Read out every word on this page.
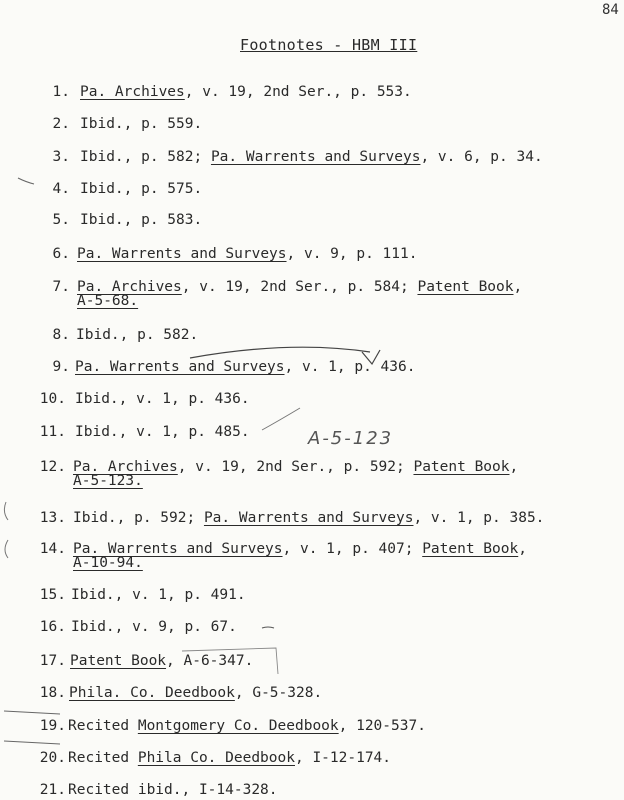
84
Footnotes - HBM III
1. Pa. Archives, v. 19, 2nd Ser., p. 553.
2. Ibid., p. 559.
3. Ibid., p. 582; Pa. Warrents and Surveys, v. 6, p. 34.
4. Ibid., p. 575.
5. Ibid., p. 583.
6. Pa. Warrents and Surveys, v. 9, p. 111.
7. Pa. Archives, v. 19, 2nd Ser., p. 584; Patent Book,
A-5-68.
8. Ibid., p. 582.
9. Pa. Warrents and Surveys, v. 1, p. 436.
10. Ibid., v. 1, p. 436.
11. Ibid., v. 1, p. 485.
12. Pa. Archives, v. 19, 2nd Ser., p. 592; Patent Book,
A-5-123.
13. Ibid., p. 592; Pa. Warrents and Surveys, v. 1, p. 385.
14. Pa. Warrents and Surveys, v. 1, p. 407; Patent Book,
A-10-94.
15. Ibid., v. 1, p. 491.
16. Ibid., v. 9, p. 67.
17. Patent Book, A-6-347.
18. Phila. Co. Deedbook, G-5-328.
19. Recited Montgomery Co. Deedbook, 120-537.
20. Recited Phila Co. Deedbook, I-12-174.
21. Recited ibid., I-14-328.
A-5-123
